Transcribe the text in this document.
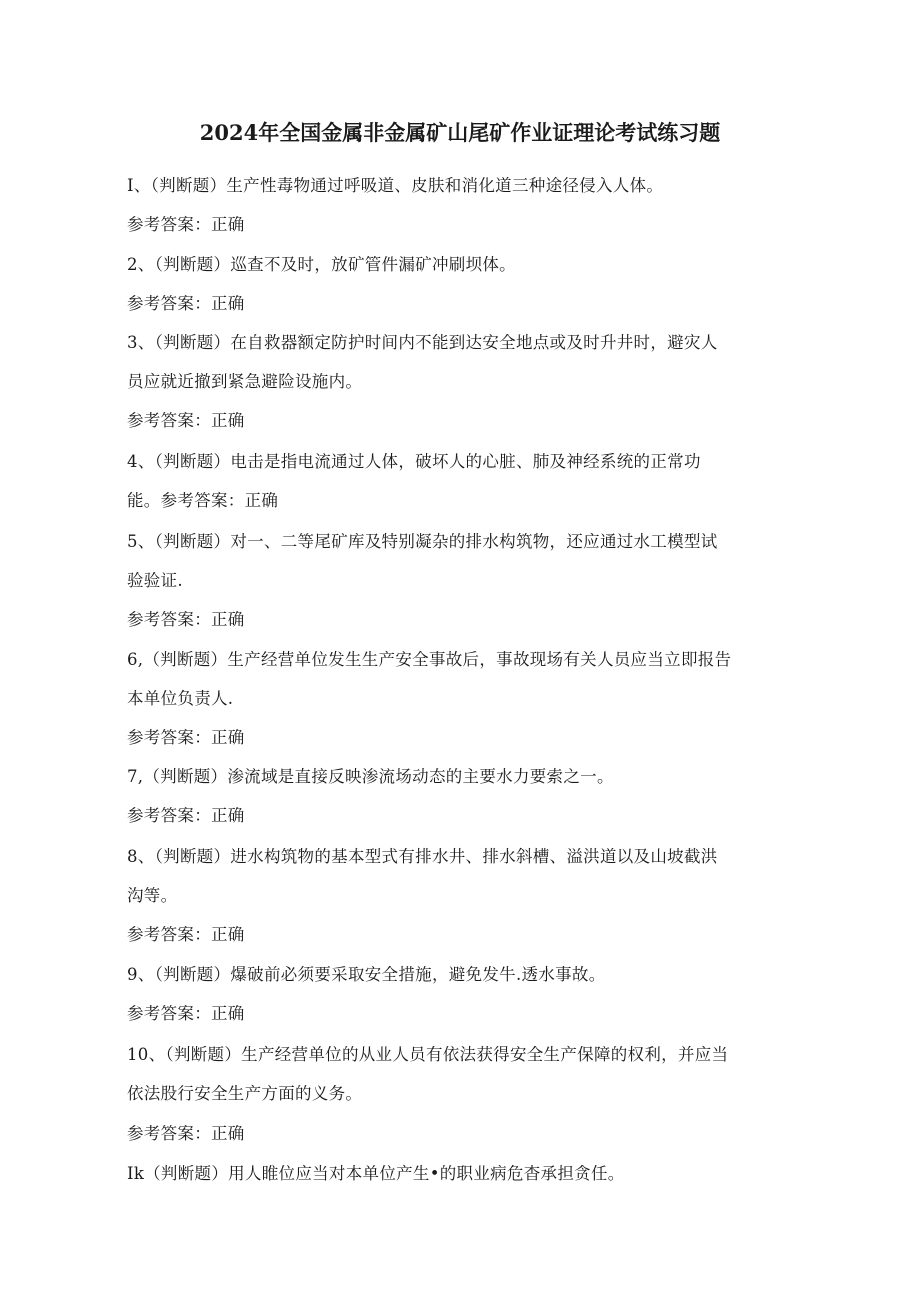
2024年全国金属非金属矿山尾矿作业证理论考试练习题
I、（判断题）生产性毒物通过呼吸道、皮肤和消化道三种途径侵入人体。
参考答案：正确
2、（判断题）巡查不及时，放矿管件漏矿冲刷坝体。
参考答案：正确
3、（判断题）在自救器额定防护时间内不能到达安全地点或及时升井时，避灾人
员应就近撤到紧急避险设施内。
参考答案：正确
4、（判断题）电击是指电流通过人体，破坏人的心脏、肺及神经系统的正常功
能。参考答案：正确
5、（判断题）对一、二等尾矿库及特别凝杂的排水构筑物，还应通过水工模型试
验验证.
参考答案：正确
6,（判断题）生产经营单位发生生产安全事故后，事故现场有关人员应当立即报告
本单位负责人.
参考答案：正确
7,（判断题）渗流域是直接反映渗流场动态的主要水力要索之一。
参考答案：正确
8、（判断题）进水构筑物的基本型式有排水井、排水斜槽、溢洪道以及山坡截洪
沟等。
参考答案：正确
9、（判断题）爆破前必须要采取安全措施，避免发牛.透水事故。
参考答案：正确
10、（判断题）生产经营单位的从业人员有依法获得安全生产保障的权利，并应当
依法股行安全生产方面的义务。
参考答案：正确
Ik（判断题）用人睢位应当对本单位产生•的职业病危杳承担贪任。
